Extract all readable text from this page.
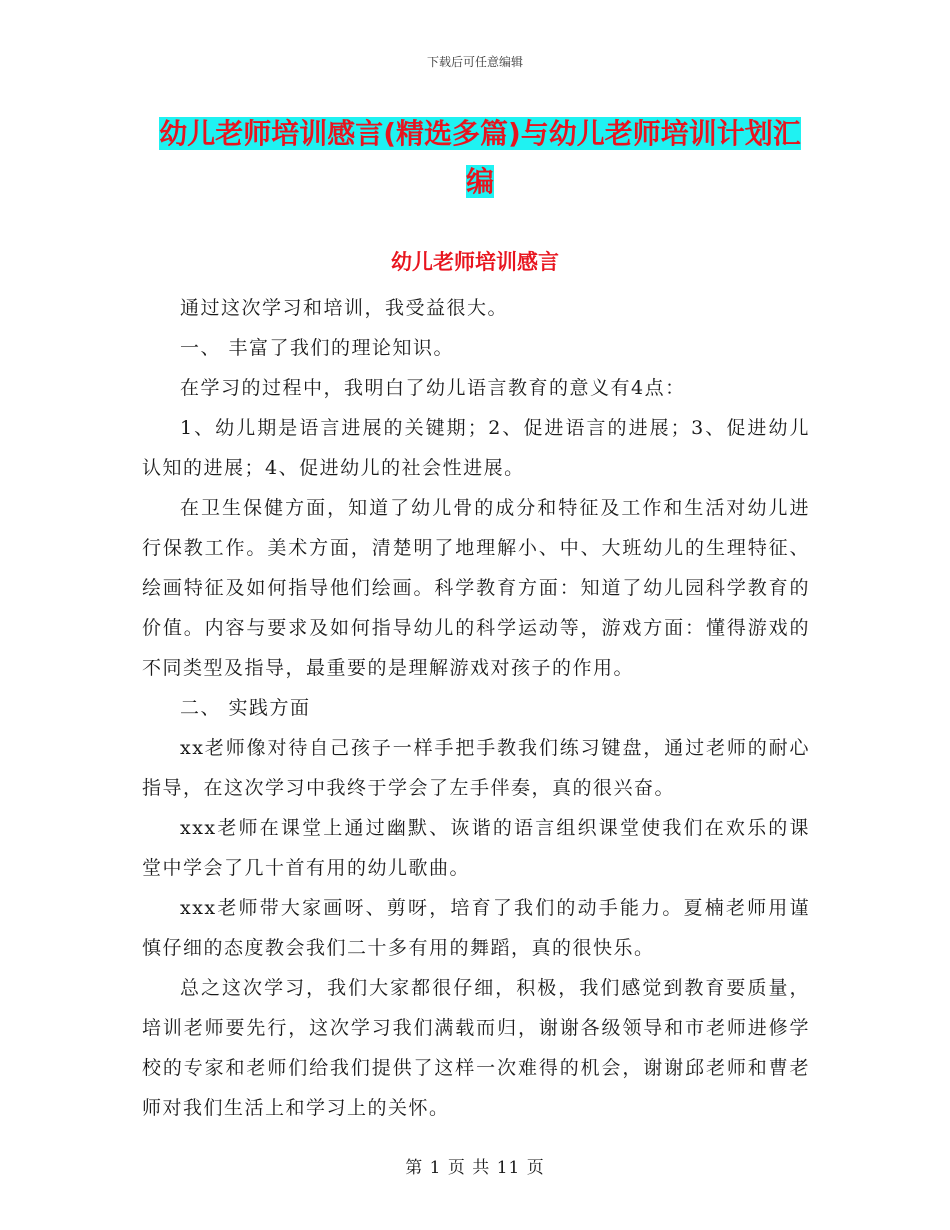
下载后可任意编辑
幼儿老师培训感言(精选多篇)与幼儿老师培训计划汇编
幼儿老师培训感言

通过这次学习和培训，我受益很大。

一、 丰富了我们的理论知识。

在学习的过程中，我明白了幼儿语言教育的意义有4点：

1、幼儿期是语言进展的关键期；2、促进语言的进展；3、促进幼儿认知的进展；4、促进幼儿的社会性进展。

在卫生保健方面，知道了幼儿骨的成分和特征及工作和生活对幼儿进行保教工作。美术方面，清楚明了地理解小、中、大班幼儿的生理特征、绘画特征及如何指导他们绘画。科学教育方面：知道了幼儿园科学教育的价值。内容与要求及如何指导幼儿的科学运动等，游戏方面：懂得游戏的不同类型及指导，最重要的是理解游戏对孩子的作用。

二、 实践方面

xx老师像对待自己孩子一样手把手教我们练习键盘，通过老师的耐心指导，在这次学习中我终于学会了左手伴奏，真的很兴奋。

xxx老师在课堂上通过幽默、诙谐的语言组织课堂使我们在欢乐的课堂中学会了几十首有用的幼儿歌曲。

xxx老师带大家画呀、剪呀，培育了我们的动手能力。夏楠老师用谨慎仔细的态度教会我们二十多有用的舞蹈，真的很快乐。

总之这次学习，我们大家都很仔细，积极，我们感觉到教育要质量，培训老师要先行，这次学习我们满载而归，谢谢各级领导和市老师进修学校的专家和老师们给我们提供了这样一次难得的机会，谢谢邱老师和曹老师对我们生活上和学习上的关怀。

第 1 页 共 11 页
